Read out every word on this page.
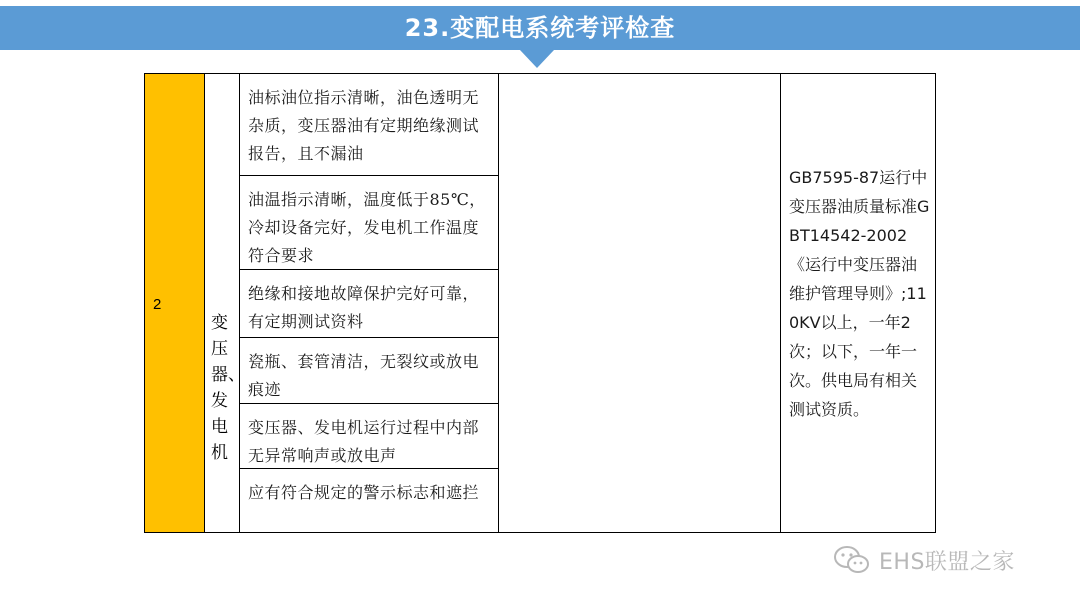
23.变配电系统考评检查
2
变压器、发电机
油标油位指示清晰，油色透明无杂质，变压器油有定期绝缘测试报告，且不漏油
油温指示清晰，温度低于85℃，冷却设备完好，发电机工作温度符合要求
绝缘和接地故障保护完好可靠，有定期测试资料
瓷瓶、套管清洁，无裂纹或放电痕迹
变压器、发电机运行过程中内部无异常响声或放电声
应有符合规定的警示标志和遮拦
GB7595-87运行中变压器油质量标准GBT14542-2002《运行中变压器油维护管理导则》;110KV以上，一年2次；以下，一年一次。供电局有相关测试资质。
EHS联盟之家
